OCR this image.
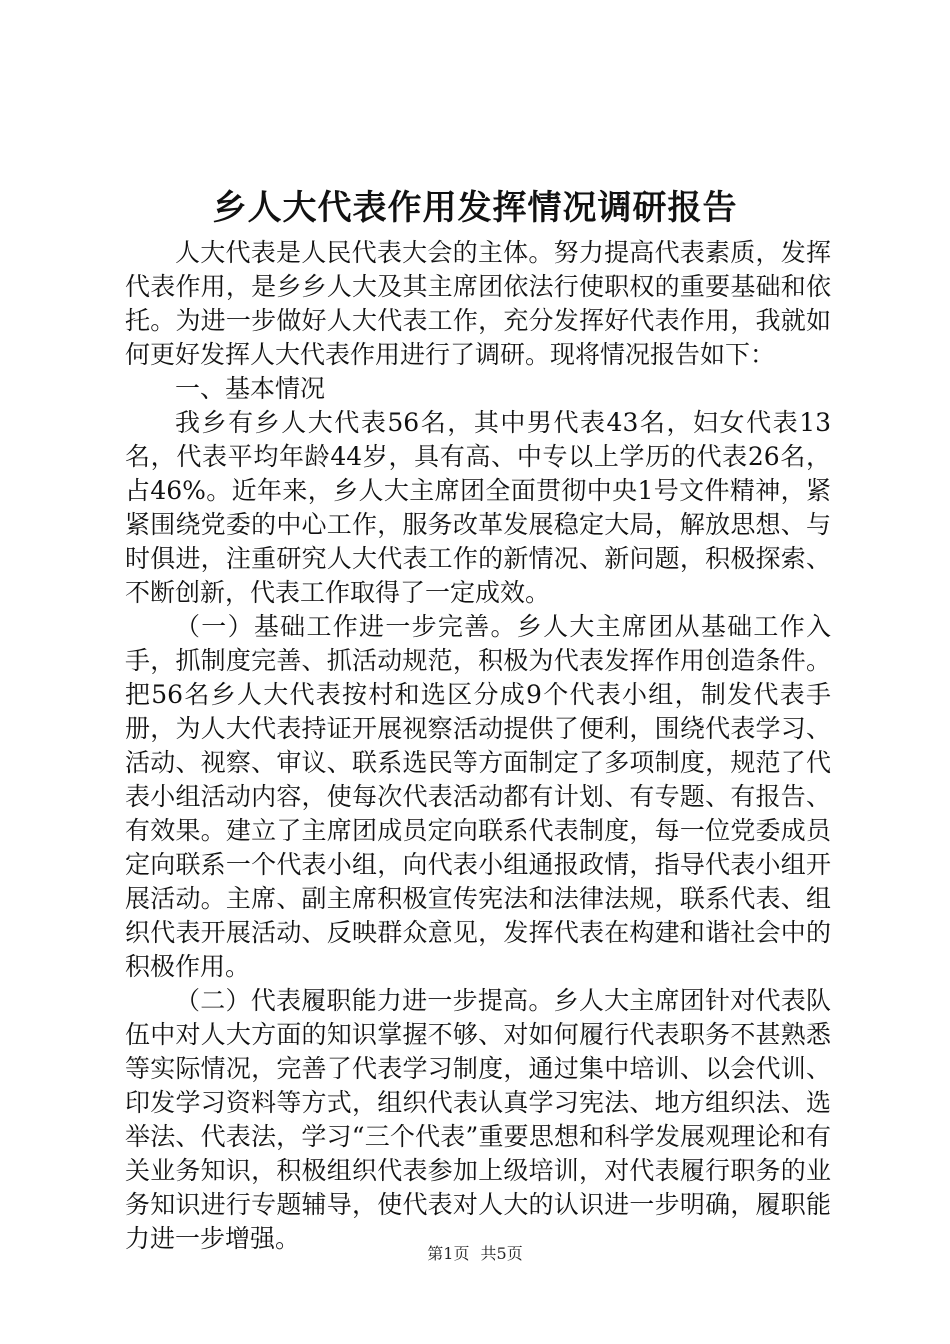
乡人大代表作用发挥情况调研报告

人大代表是人民代表大会的主体。努力提高代表素质，发挥代表作用，是乡乡人大及其主席团依法行使职权的重要基础和依托。为进一步做好人大代表工作，充分发挥好代表作用，我就如何更好发挥人大代表作用进行了调研。现将情况报告如下：

一、基本情况

我乡有乡人大代表56名，其中男代表43名，妇女代表13名，代表平均年龄44岁，具有高、中专以上学历的代表26名，占46%。近年来，乡人大主席团全面贯彻中央1号文件精神，紧紧围绕党委的中心工作，服务改革发展稳定大局，解放思想、与时俱进，注重研究人大代表工作的新情况、新问题，积极探索、不断创新，代表工作取得了一定成效。

（一）基础工作进一步完善。乡人大主席团从基础工作入手，抓制度完善、抓活动规范，积极为代表发挥作用创造条件。把56名乡人大代表按村和选区分成9个代表小组，制发代表手册，为人大代表持证开展视察活动提供了便利，围绕代表学习、活动、视察、审议、联系选民等方面制定了多项制度，规范了代表小组活动内容，使每次代表活动都有计划、有专题、有报告、有效果。建立了主席团成员定向联系代表制度，每一位党委成员定向联系一个代表小组，向代表小组通报政情，指导代表小组开展活动。主席、副主席积极宣传宪法和法律法规，联系代表、组织代表开展活动、反映群众意见，发挥代表在构建和谐社会中的积极作用。

（二）代表履职能力进一步提高。乡人大主席团针对代表队伍中对人大方面的知识掌握不够、对如何履行代表职务不甚熟悉等实际情况，完善了代表学习制度，通过集中培训、以会代训、印发学习资料等方式，组织代表认真学习宪法、地方组织法、选举法、代表法，学习“三个代表”重要思想和科学发展观理论和有关业务知识，积极组织代表参加上级培训，对代表履行职务的业务知识进行专题辅导，使代表对人大的认识进一步明确，履职能力进一步增强。

第1页 共5页
